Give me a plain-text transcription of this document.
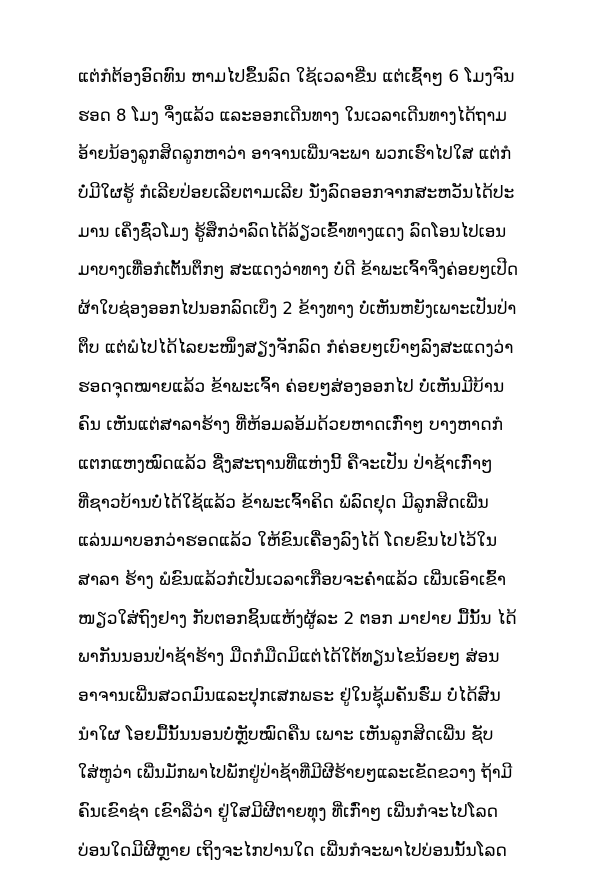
ແຕ່ກໍຕ້ອງອົດທົນ ຫາມໄປຂຶ້ນລົດ ໃຊ້ເວລາຂີ່ນ ແຕ່ເຊົ້າໆ 6 ໂມງຈົນ
ຮອດ 8 ໂມງ ຈຶ່ງແລ້ວ ແລະອອກເດີນທາງ ໃນເວລາເດີນທາງໄດ້ຖາມ
ອ້າຍນ້ອງລູກສິດລູກຫາວ່າ ອາຈານເພີ່ນຈະພາ ພວກເຮົາໄປໃສ ແຕ່ກໍ
ບໍ່ມີໃຜຮູ້ ກໍເລີຍປ່ອຍເລີຍຕາມເລີຍ ນັ່ງລົດອອກຈາກສະຫວັນໄດ້ປະ
ມານ ເຄິ່ງຊົ່ວໂມງ ຮູ້ສຶກວ່າລົດໄດ້ລ້ຽວເຂົ້າທາງແດງ ລົດໂອນໄປເອນ
ມາບາງເທື່ອກໍເຕັ້ນຕຶກໆ ສະແດງວ່າທາງ ບໍ່ດີ ຂ້າພະເຈົ້າຈຶ່ງຄ່ອຍໆເປີດ
ຜ້າໃບຊ່ອງອອກໄປນອກລົດເບິ່ງ 2 ຂ້າງທາງ ບໍ່ເຫັນຫຍັງເພາະເປັນປ່າ
ຕຶບ ແຕ່ພໍໄປໄດ້ໄລຍະໜຶ່ງສຽງຈັກລົດ ກໍຄ່ອຍໆເບົາໆລົງສະແດງວ່າ
ຮອດຈຸດໝາຍແລ້ວ ຂ້າພະເຈົ້າ ຄ່ອຍໆສ່ອງອອກໄປ ບໍ່ເຫັນມີບ້ານ
ຄົນ ເຫັນແຕ່ສາລາຮ້າງ ທີ່ຫ້ອມລອ້ມດ້ວຍຫາດເກົ່າໆ ບາງຫາດກໍ
ແຕກແຫງໝົດແລ້ວ ຊື່ງສະຖານທີ່ແຫ່ງນີ້ ຄືຈະເປັນ ປ່າຊ້າເກົ່າໆ
ທີ່ຊາວບ້ານບໍ່ໄດ້ໃຊ້ແລ້ວ ຂ້າພະເຈົ້າຄິດ ພໍລົດຢຸດ ມີລູກສິດເພີ່ນ
ແລ່ນມາບອກວ່າຮອດແລ້ວ ໃຫ້ຂົນເຄື່ອງລົງໄດ້ ໂດຍຂົນໄປໄວ້ໃນ
ສາລາ ຮ້າງ ພໍຂົນແລ້ວກໍເປັນເວລາເກືອບຈະຄໍ່າແລ້ວ ເພີ່ນເອົາເຂົ້າ
ໜຽວໃສ່ຖົງຢາງ ກັບຕອກຊິ້ນແຫ້ງຜູ້ລະ 2 ຕອກ ມາຢາຍ ມື້ນັ້ນ ໄດ້
ພາກັນນອນປ່າຊ້າຮ້າງ ມືດກໍມືດມິແຕ່ໄດ້ໃຕ້ທຽນໄຂນ້ອຍໆ ສ່ອນ
ອາຈານເພີ່ນສວດມົນແລະປຸກເສກພຣະ ຢູ່ໃນຊຸ້ມຄັນຮົ່ມ ບໍ່ໄດ້ສົນ
ນໍາໃຜ ໂອຍມື້ນັ້ນນອນບໍ່ຫຼັບໝົດຄືນ ເພາະ ເຫັນລູກສິດເພີ່ນ ຊັບ
ໃສ່ຫູວ່າ ເພີ່ນມັກພາໄປພັກຢູ່ປ່າຊ້າທີ່ມີຜີຮ້າຍໆແລະເຂັດຂວາງ ຖ້າມີ
ຄົນເຂົາຊ່າ ເຂົາລືວ່າ ຢູ່ໃສມີຜີຕາຍທຸງ ທີ່ເກົ່າໆ ເພີ່ນກໍຈະໄປໂລດ
ບ່ອນໃດມີຜີຫຼາຍ ເຖິງຈະໄກປານໃດ ເພີ່ນກໍຈະພາໄປບ່ອນນັ້ນໂລດ
